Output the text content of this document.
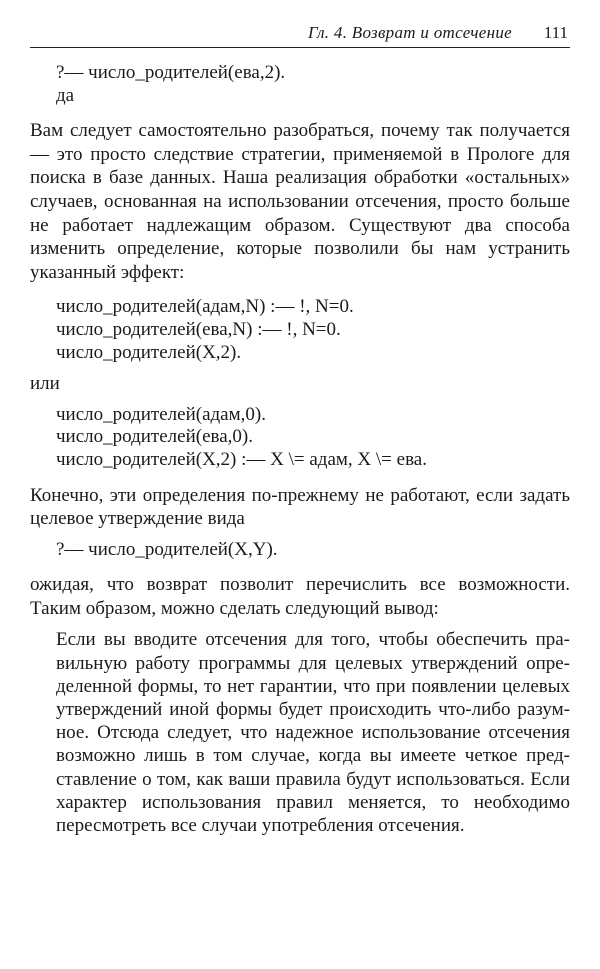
Гл. 4. Возврат и отсечение 111
?— число_родителей(ева,2).
да

Вам следует самостоятельно разобраться, почему так получается — это просто следствие стратегии, применяемой в Прологе для поиска в базе данных. Наша реализация обработки «остальных» случаев, основанная на использовании отсечения, просто больше не работает надлежащим образом. Существуют два способа изменить определение, которые позволили бы нам устранить указанный эффект:

число_родителей(адам,N) :— !, N=0.
число_родителей(ева,N) :— !, N=0.
число_родителей(X,2).

или

число_родителей(адам,0).
число_родителей(ева,0).
число_родителей(X,2) :— X \= адам, X \= ева.

Конечно, эти определения по-прежнему не работают, если задать целевое утверждение вида

?— число_родителей(X,Y).

ожидая, что возврат позволит перечислить все возможности. Таким образом, можно сделать следующий вывод:

Если вы вводите отсечения для того, чтобы обеспечить правильную работу программы для целевых утверждений определенной формы, то нет гарантии, что при появлении целевых утверждений иной формы будет происходить что-либо разумное. Отсюда следует, что надежное использование отсечения возможно лишь в том случае, когда вы имеете четкое представление о том, как ваши правила будут использоваться. Если характер использования правил меняется, то необходимо пересмотреть все случаи употребления отсечения.
